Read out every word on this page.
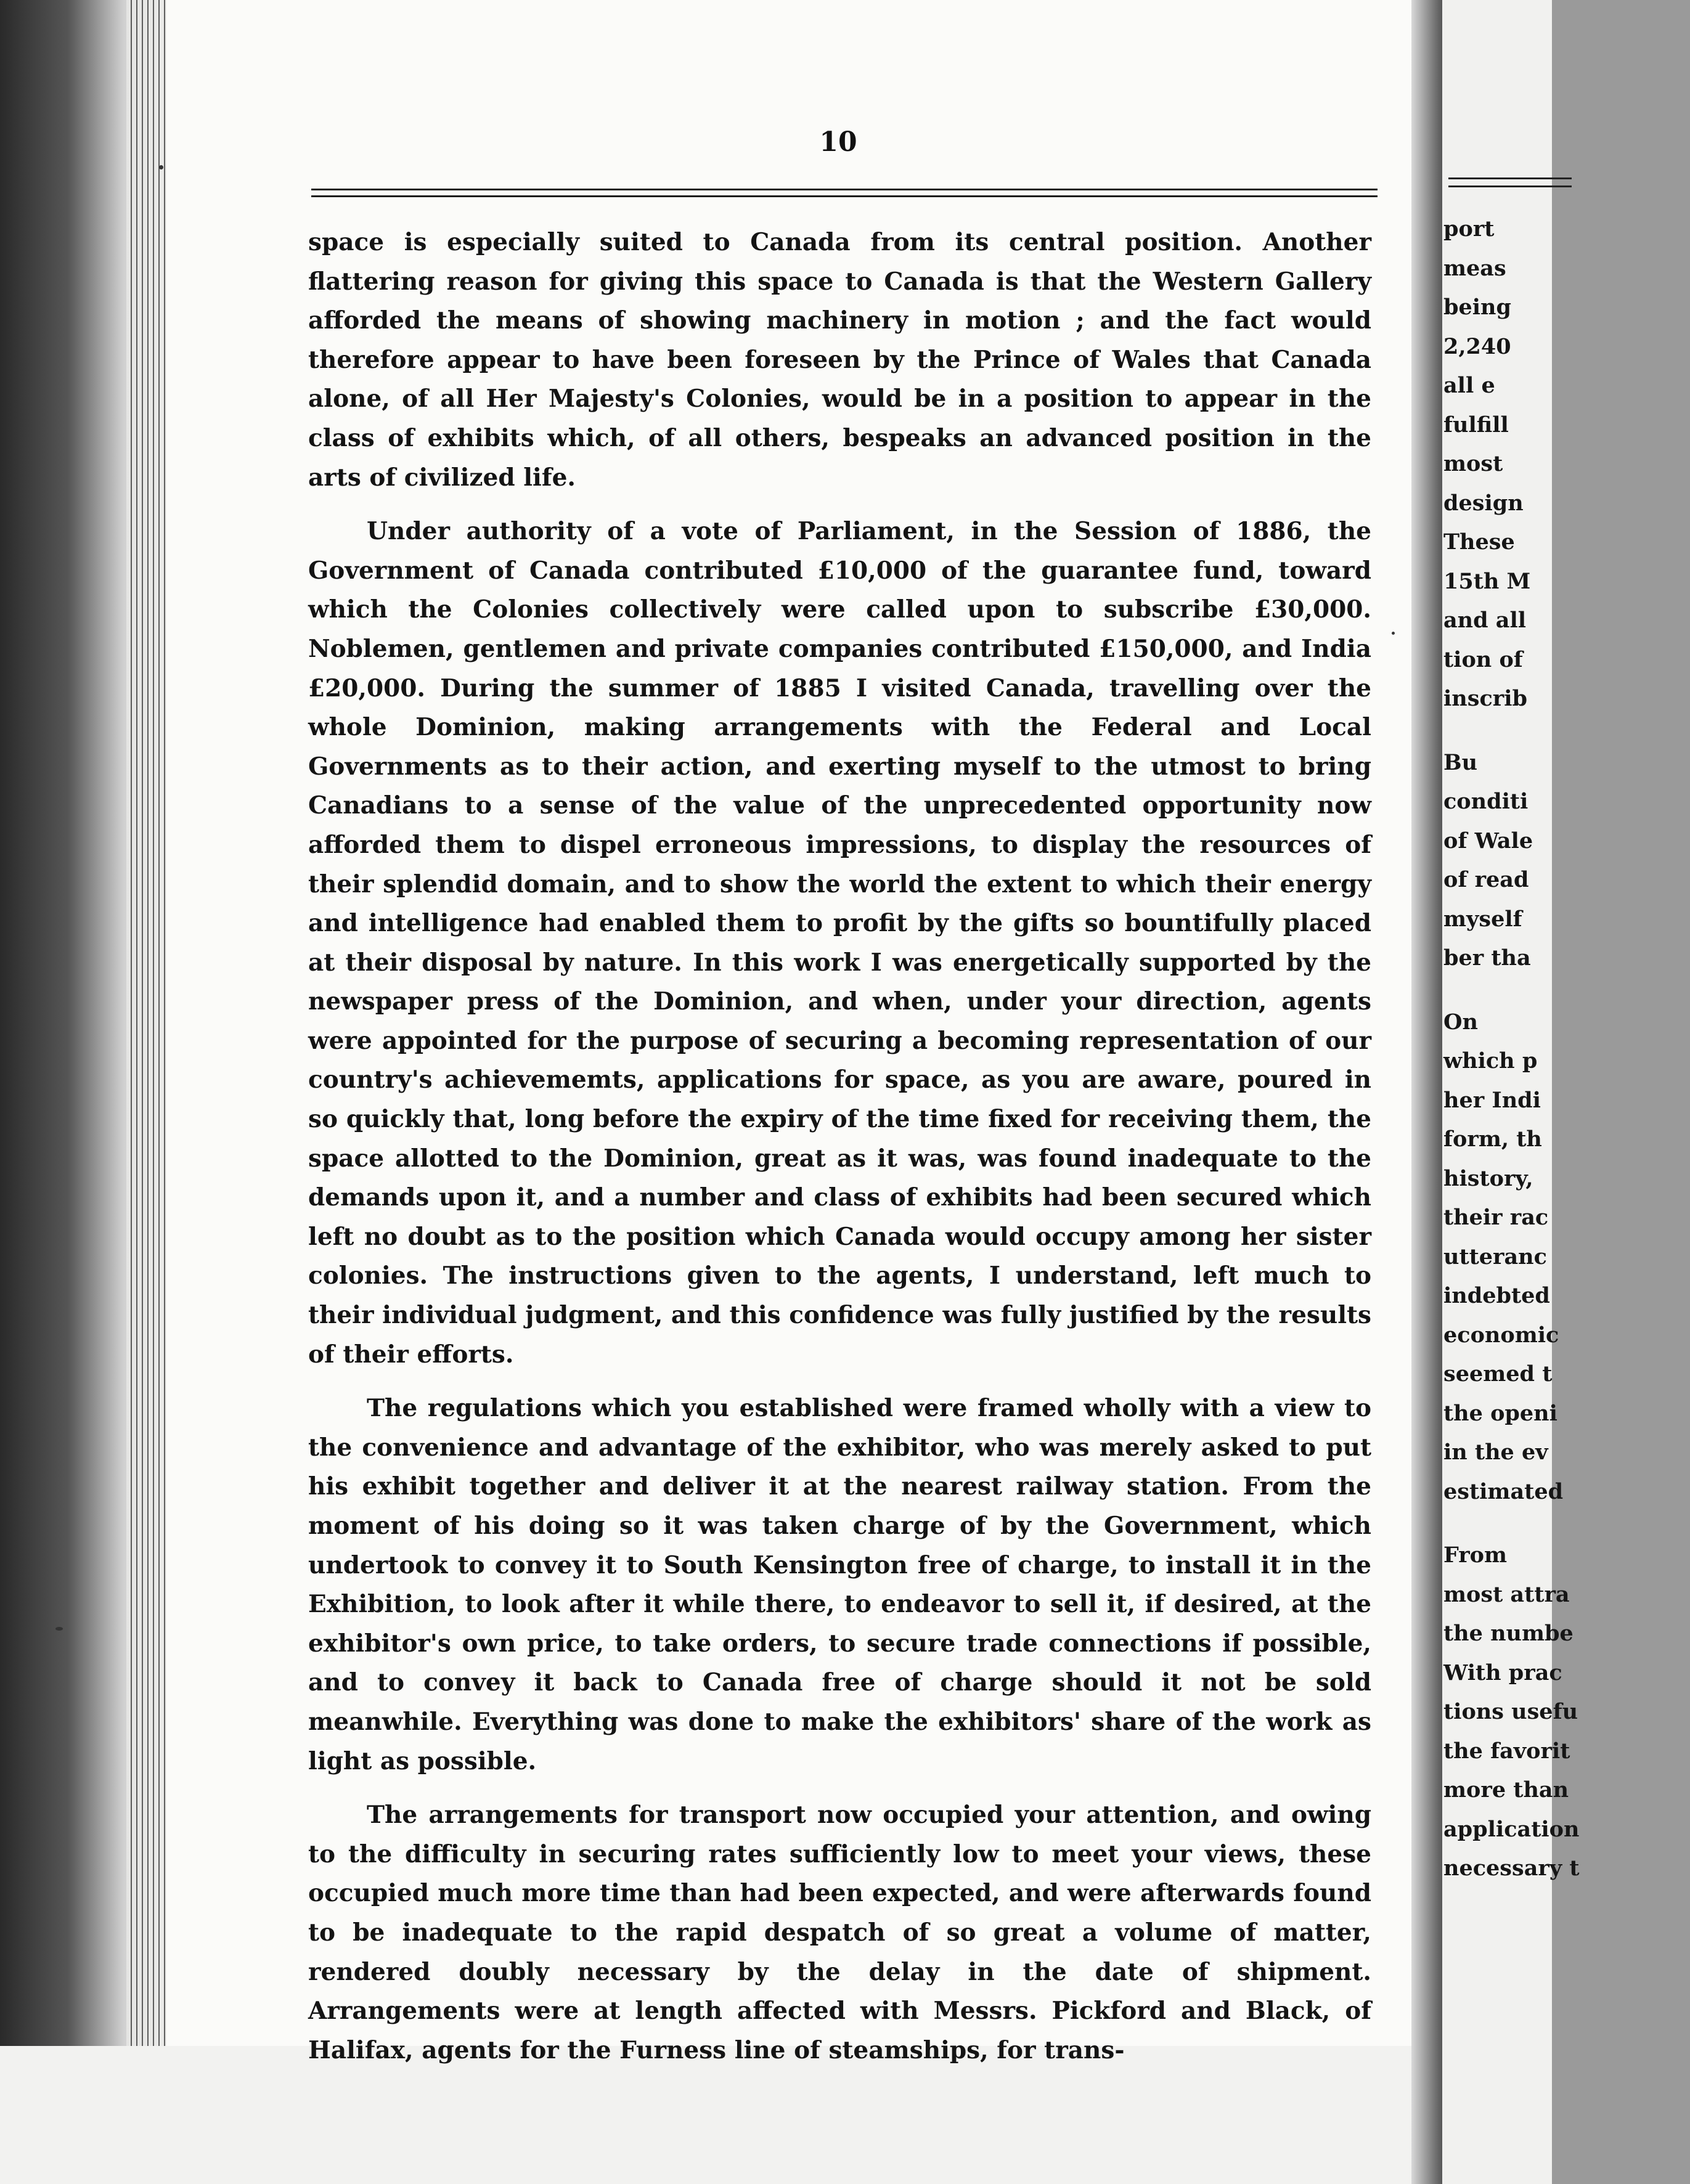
10

space is especially suited to Canada from its central position. Another flattering reason for giving this space to Canada is that the Western Gallery afforded the means of showing machinery in motion ; and the fact would therefore appear to have been foreseen by the Prince of Wales that Canada alone, of all Her Majesty's Colonies, would be in a position to appear in the class of exhibits which, of all others, bespeaks an advanced position in the arts of civilized life.

Under authority of a vote of Parliament, in the Session of 1886, the Government of Canada contributed £10,000 of the guarantee fund, toward which the Colonies collectively were called upon to subscribe £30,000. Noblemen, gentlemen and private companies contributed £150,000, and India £20,000. During the summer of 1885 I visited Canada, travelling over the whole Dominion, making arrangements with the Federal and Local Governments as to their action, and exerting myself to the utmost to bring Canadians to a sense of the value of the unprecedented opportunity now afforded them to dispel erroneous impressions, to display the resources of their splendid domain, and to show the world the extent to which their energy and intelligence had enabled them to profit by the gifts so bountifully placed at their disposal by nature. In this work I was energetically supported by the newspaper press of the Dominion, and when, under your direction, agents were appointed for the purpose of securing a becoming representation of our country's achievememts, applications for space, as you are aware, poured in so quickly that, long before the expiry of the time fixed for receiving them, the space allotted to the Dominion, great as it was, was found inadequate to the demands upon it, and a number and class of exhibits had been secured which left no doubt as to the position which Canada would occupy among her sister colonies. The instructions given to the agents, I understand, left much to their individual judgment, and this confidence was fully justified by the results of their efforts.

The regulations which you established were framed wholly with a view to the convenience and advantage of the exhibitor, who was merely asked to put his exhibit together and deliver it at the nearest railway station. From the moment of his doing so it was taken charge of by the Government, which undertook to convey it to South Kensington free of charge, to install it in the Exhibition, to look after it while there, to endeavor to sell it, if desired, at the exhibitor's own price, to take orders, to secure trade connections if possible, and to convey it back to Canada free of charge should it not be sold meanwhile. Everything was done to make the exhibitors' share of the work as light as possible.

The arrangements for transport now occupied your attention, and owing to the difficulty in securing rates sufficiently low to meet your views, these occupied much more time than had been expected, and were afterwards found to be inadequate to the rapid despatch of so great a volume of matter, rendered doubly necessary by the delay in the date of shipment. Arrangements were at length affected with Messrs. Pickford and Black, of Halifax, agents for the Furness line of steamships, for trans-

port
meas
being
2,240
all e
fulfill
most
design
These
15th M
and all
tion of
inscrib
Bu
conditi
of Wale
of read
myself
ber tha
On
which p
her Indi
form, th
history,
their rac
utteranc
indebted
economic
seemed t
the openi
in the ev
estimated
From
most attra
the numbe
With prac
tions usefu
the favorit
more than
application
necessary t
